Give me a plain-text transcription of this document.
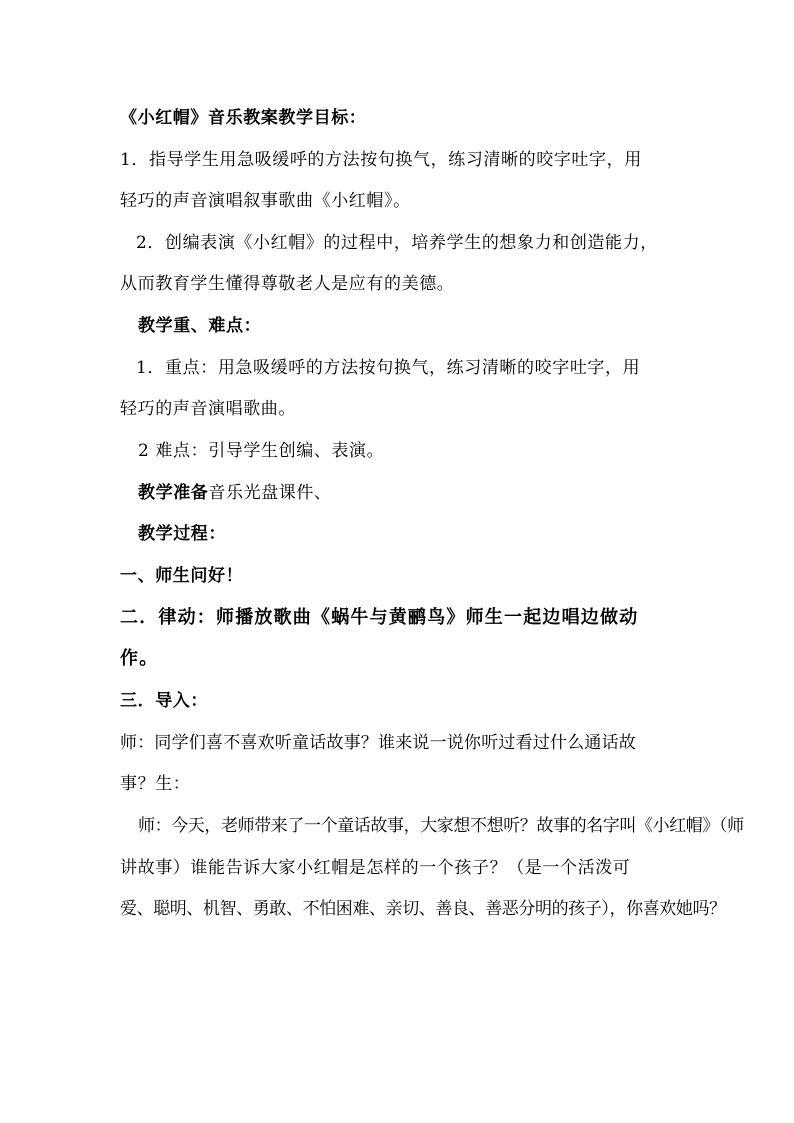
《小红帽》音乐教案教学目标：
1．指导学生用急吸缓呼的方法按句换气，练习清晰的咬字吐字，用
轻巧的声音演唱叙事歌曲《小红帽》。
2．创编表演《小红帽》的过程中，培养学生的想象力和创造能力，
从而教育学生懂得尊敬老人是应有的美德。
教学重、难点：
1．重点：用急吸缓呼的方法按句换气，练习清晰的咬字吐字，用
轻巧的声音演唱歌曲。
2 难点：引导学生创编、表演。
教学准备音乐光盘课件、
教学过程：
一、师生问好！
二．律动：师播放歌曲《蜗牛与黄鹂鸟》师生一起边唱边做动
作。
三．导入：
师：同学们喜不喜欢听童话故事？谁来说一说你听过看过什么通话故
事？生：
师：今天，老师带来了一个童话故事，大家想不想听？故事的名字叫《小红帽》（师
讲故事）谁能告诉大家小红帽是怎样的一个孩子？（是一个活泼可
爱、聪明、机智、勇敢、不怕困难、亲切、善良、善恶分明的孩子），你喜欢她吗？
